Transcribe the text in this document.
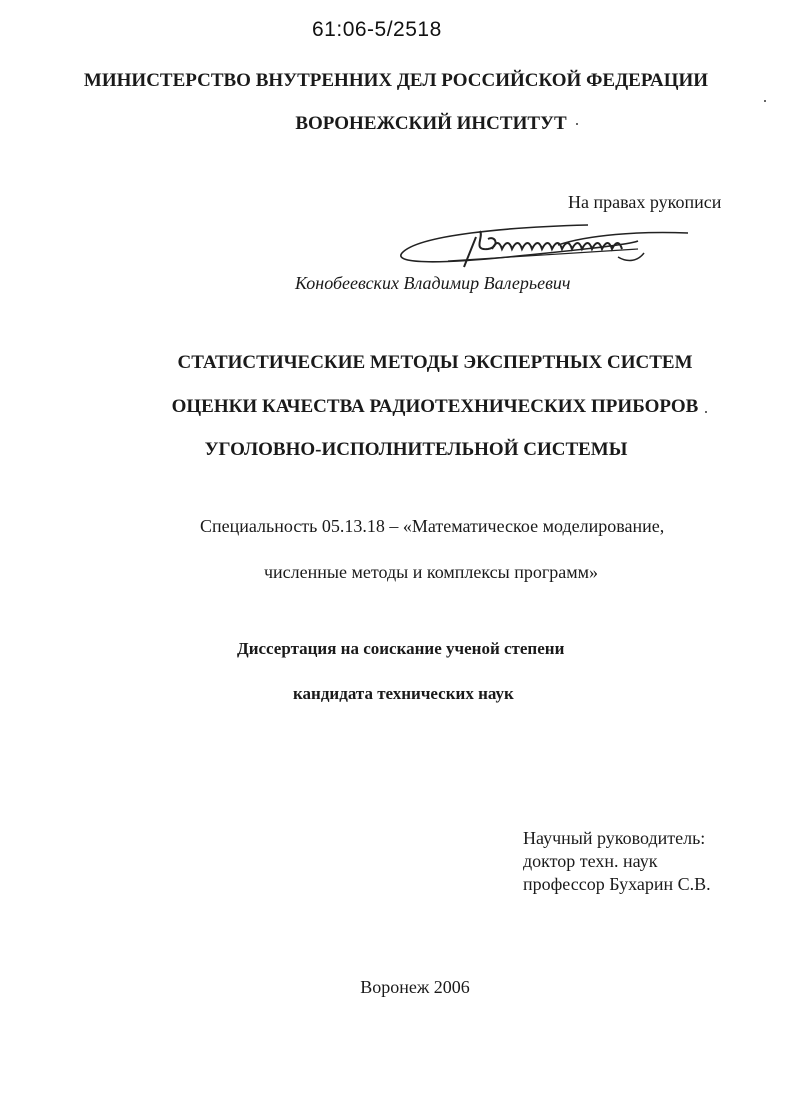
61:06-5/2518
МИНИСТЕРСТВО ВНУТРЕННИХ ДЕЛ РОССИЙСКОЙ ФЕДЕРАЦИИ
ВОРОНЕЖСКИЙ ИНСТИТУТ
На правах рукописи
Конобеевских Владимир Валерьевич
СТАТИСТИЧЕСКИЕ МЕТОДЫ ЭКСПЕРТНЫХ СИСТЕМ
ОЦЕНКИ КАЧЕСТВА РАДИОТЕХНИЧЕСКИХ ПРИБОРОВ
УГОЛОВНО-ИСПОЛНИТЕЛЬНОЙ СИСТЕМЫ
Специальность 05.13.18 – «Математическое моделирование,
численные методы и комплексы программ»
Диссертация на соискание ученой степени
кандидата технических наук
Научный руководитель:
доктор техн. наук
профессор Бухарин С.В.
Воронеж 2006
